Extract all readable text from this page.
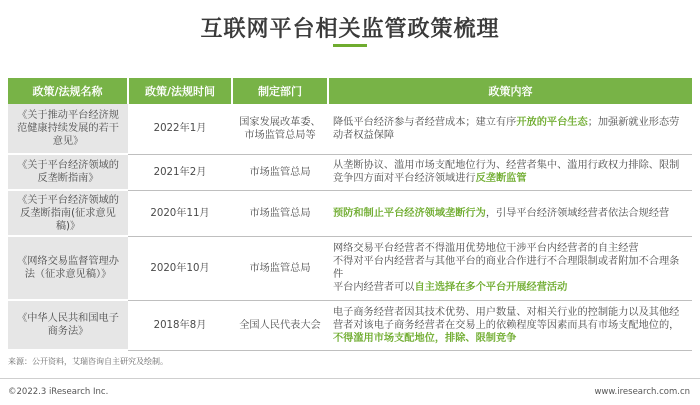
互联网平台相关监管政策梳理
政策/法规名称	政策/法规时间	制定部门	政策内容
《关于推动平台经济规范健康持续发展的若干意见》	2022年1月	国家发展改革委、市场监管总局等	降低平台经济参与者经营成本；建立有序开放的平台生态；加强新就业形态劳动者权益保障
《关于平台经济领域的反垄断指南》	2021年2月	市场监管总局	从垄断协议、滥用市场支配地位行为、经营者集中、滥用行政权力排除、限制竞争四方面对平台经济领域进行反垄断监管
《关于平台经济领域的反垄断指南(征求意见稿)》	2020年11月	市场监管总局	预防和制止平台经济领域垄断行为，引导平台经济领域经营者依法合规经营
《网络交易监督管理办法（征求意见稿）》	2020年10月	市场监管总局	网络交易平台经营者不得滥用优势地位干涉平台内经营者的自主经营
不得对平台内经营者与其他平台的商业合作进行不合理限制或者附加不合理条件
平台内经营者可以自主选择在多个平台开展经营活动
《中华人民共和国电子商务法》	2018年8月	全国人民代表大会	电子商务经营者因其技术优势、用户数量、对相关行业的控制能力以及其他经营者对该电子商务经营者在交易上的依赖程度等因素而具有市场支配地位的，不得滥用市场支配地位，排除、限制竞争
来源：公开资料，艾瑞咨询自主研究及绘制。
©2022.3 iResearch Inc.	www.iresearch.com.cn
